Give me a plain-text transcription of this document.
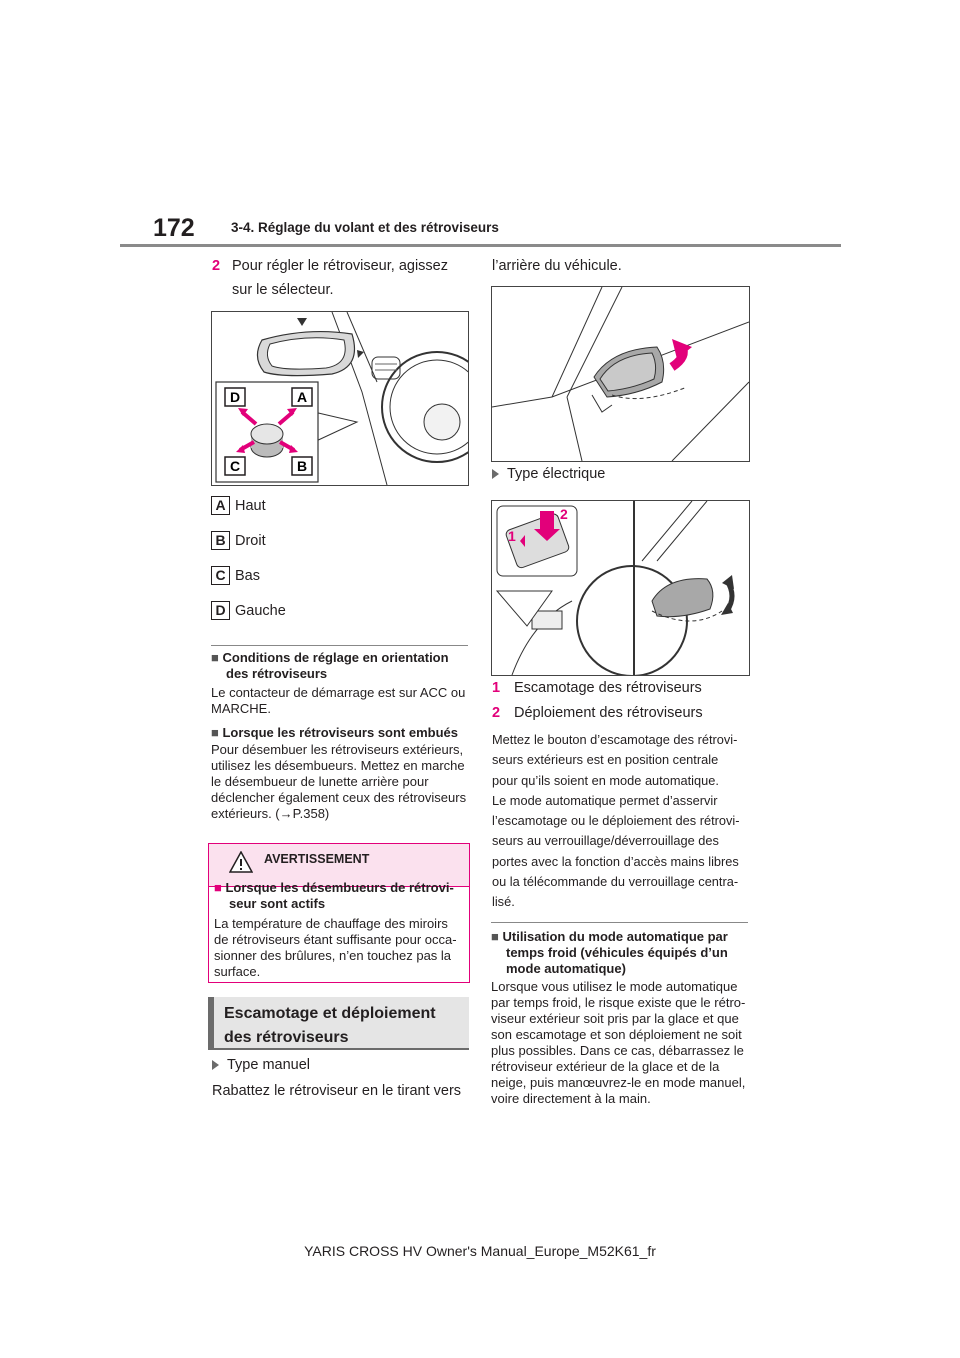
172	3-4. Réglage du volant et des rétroviseurs
2 Pour régler le rétroviseur, agissez
sur le sélecteur.
D	A
C	B
A Haut
B Droit
C Bas
D Gauche
■ Conditions de réglage en orientation
des rétroviseurs
Le contacteur de démarrage est sur ACC ou
MARCHE.
■ Lorsque les rétroviseurs sont embués
Pour désembuer les rétroviseurs extérieurs,
utilisez les désembueurs. Mettez en marche
le désembueur de lunette arrière pour
déclencher également ceux des rétroviseurs
extérieurs. (→P.358)
AVERTISSEMENT
■ Lorsque les désembueurs de rétrovi-
seur sont actifs
La température de chauffage des miroirs
de rétroviseurs étant suffisante pour occa-
sionner des brûlures, n’en touchez pas la
surface.
Escamotage et déploiement
des rétroviseurs
Type manuel
Rabattez le rétroviseur en le tirant vers
l’arrière du véhicule.
Type électrique
1
2
1 Escamotage des rétroviseurs
2 Déploiement des rétroviseurs
Mettez le bouton d’escamotage des rétrovi-
seurs extérieurs est en position centrale
pour qu’ils soient en mode automatique.
Le mode automatique permet d’asservir
l’escamotage ou le déploiement des rétrovi-
seurs au verrouillage/déverrouillage des
portes avec la fonction d’accès mains libres
ou la télécommande du verrouillage centra-
lisé.
■ Utilisation du mode automatique par
temps froid (véhicules équipés d’un
mode automatique)
Lorsque vous utilisez le mode automatique
par temps froid, le risque existe que le rétro-
viseur extérieur soit pris par la glace et que
son escamotage et son déploiement ne soit
plus possibles. Dans ce cas, débarrassez le
rétroviseur extérieur de la glace et de la
neige, puis manœuvrez-le en mode manuel,
voire directement à la main.
YARIS CROSS HV Owner's Manual_Europe_M52K61_fr
